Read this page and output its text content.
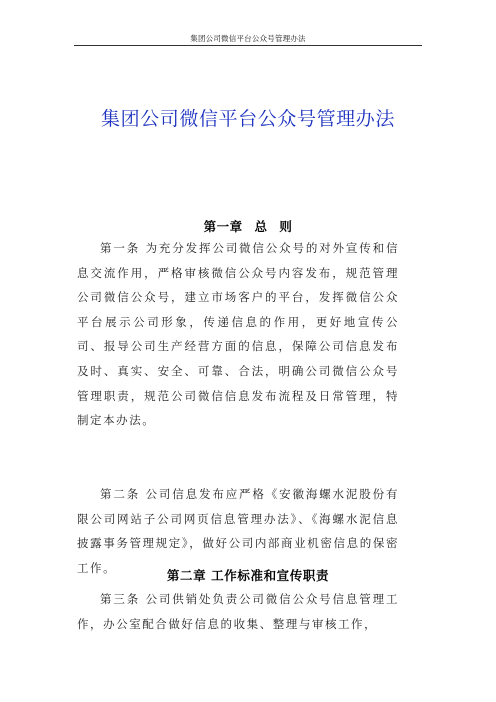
集团公司微信平台公众号管理办法
集团公司微信平台公众号管理办法
第一章 总 则
第一条 为充分发挥公司微信公众号的对外宣传和信息交流作用，严格审核微信公众号内容发布，规范管理公司微信公众号，建立市场客户的平台，发挥微信公众平台展示公司形象，传递信息的作用，更好地宣传公司、报导公司生产经营方面的信息，保障公司信息发布及时、真实、安全、可靠、合法，明确公司微信公众号管理职责，规范公司微信信息发布流程及日常管理，特制定本办法。
第二条 公司信息发布应严格《安徽海螺水泥股份有限公司网站子公司网页信息管理办法》、《海螺水泥信息披露事务管理规定》，做好公司内部商业机密信息的保密工作。
第二章 工作标准和宣传职责
第三条 公司供销处负责公司微信公众号信息管理工作，办公室配合做好信息的收集、整理与审核工作，
